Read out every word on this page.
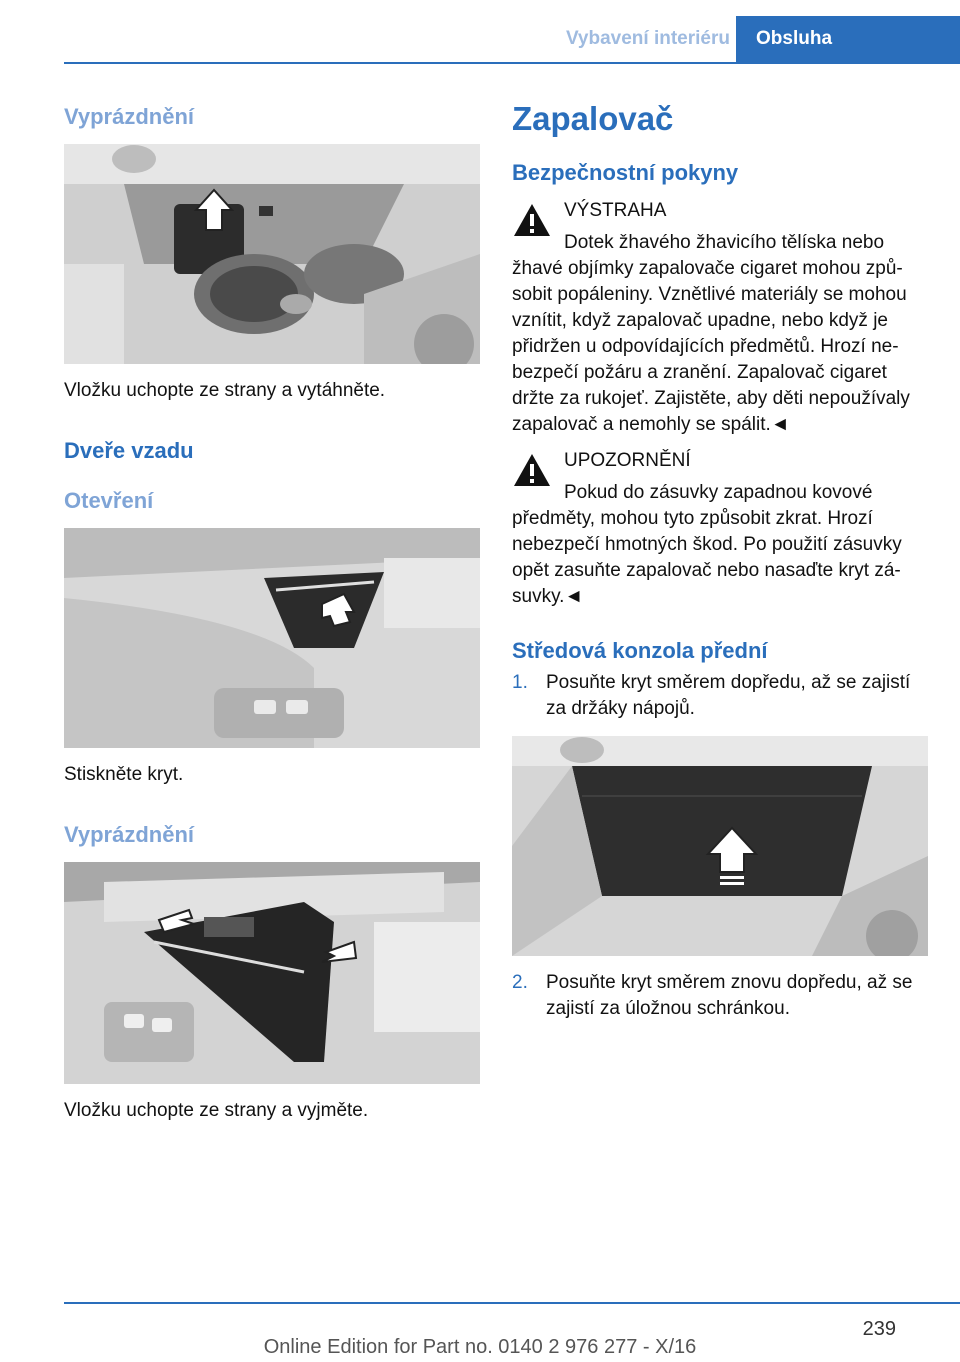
Vybavení interiéru	Obsluha
Vyprázdnění
Vložku uchopte ze strany a vytáhněte.
Dveře vzadu
Otevření
Stiskněte kryt.
Vyprázdnění
Vložku uchopte ze strany a vyjměte.
Zapalovač
Bezpečnostní pokyny
VÝSTRAHA
Dotek žhavého žhavicího tělíska nebo
žhavé objímky zapalovače cigaret mohou způ‐
sobit popáleniny. Vznětlivé materiály se mohou
vznítit, když zapalovač upadne, nebo když je
přidržen u odpovídajících předmětů. Hrozí ne‐
bezpečí požáru a zranění. Zapalovač cigaret
držte za rukojeť. Zajistěte, aby děti nepoužívaly
zapalovač a nemohly se spálit.◄
UPOZORNĚNÍ
Pokud do zásuvky zapadnou kovové
předměty, mohou tyto způsobit zkrat. Hrozí
nebezpečí hmotných škod. Po použití zásuvky
opět zasuňte zapalovač nebo nasaďte kryt zá‐
suvky.◄
Středová konzola přední
1. Posuňte kryt směrem dopředu, až se zajistí
za držáky nápojů.
2. Posuňte kryt směrem znovu dopředu, až se
zajistí za úložnou schránkou.
239
Online Edition for Part no. 0140 2 976 277 - X/16
